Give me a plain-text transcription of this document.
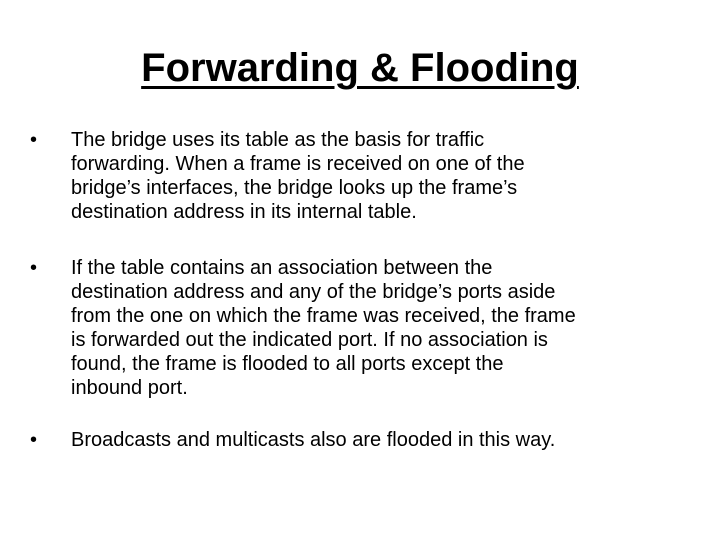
Forwarding & Flooding
•	The bridge uses its table as the basis for traffic
forwarding. When a frame is received on one of the
bridge’s interfaces, the bridge looks up the frame’s
destination address in its internal table.
•	If the table contains an association between the
destination address and any of the bridge’s ports aside
from the one on which the frame was received, the frame
is forwarded out the indicated port. If no association is
found, the frame is flooded to all ports except the
inbound port.
•	Broadcasts and multicasts also are flooded in this way.
